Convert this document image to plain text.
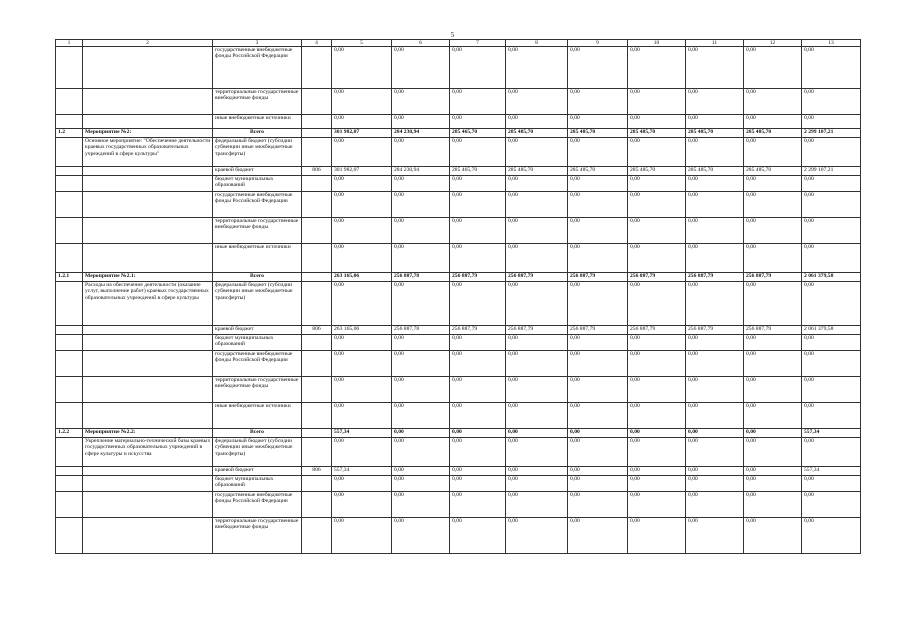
5
1	2	3	4	5	6	7	8	9	10	11	12	13
		государственные внебюджетные фонды Российской Федерации		0,00	0,00	0,00	0,00	0,00	0,00	0,00	0,00	0,00
		территориальные государственные внебюджетные фонды		0,00	0,00	0,00	0,00	0,00	0,00	0,00	0,00	0,00
		иные внебюджетные источники		0,00	0,00	0,00	0,00	0,00	0,00	0,00	0,00	0,00
1.2	Мероприятие №2:	Всего		301 982,07	284 230,94	285 465,70	285 485,70	285 485,70	285 485,70	285 485,70	285 485,70	2 299 107,21
	Основное мероприятие: "Обеспечение деятельности краевых государственных образовательных учреждений в сфере культуры"	федеральный бюджет (субсидии субвенции иные межбюджетные трансферты)		0,00	0,00	0,00	0,00	0,00	0,00	0,00	0,00	0,00
		краевой бюджет	806	301 982,07	284 230,94	285 465,70	285 485,70	285 485,70	285 485,70	285 485,70	285 485,70	2 299 107,21
		бюджет муниципальных образований		0,00	0,00	0,00	0,00	0,00	0,00	0,00	0,00	0,00
		государственные внебюджетные фонды Российской Федерации		0,00	0,00	0,00	0,00	0,00	0,00	0,00	0,00	0,00
		территориальные государственные внебюджетные фонды		0,00	0,00	0,00	0,00	0,00	0,00	0,00	0,00	0,00
		иные внебюджетные источники		0,00	0,00	0,00	0,00	0,00	0,00	0,00	0,00	0,00
1.2.1	Мероприятие №2.1:	Всего		263 165,06	256 887,78	256 887,79	256 887,79	256 887,79	256 887,79	256 887,79	256 887,79	2 061 379,58
	Расходы на обеспечение деятельности (оказание услуг, выполнение работ) краевых государственных образовательных учреждений в сфере культуры	федеральный бюджет (субсидии субвенции иные межбюджетные трансферты)		0,00	0,00	0,00	0,00	0,00	0,00	0,00	0,00	0,00
		краевой бюджет	806	263 165,06	256 887,78	256 887,79	256 887,79	256 887,79	256 887,79	256 887,79	256 887,79	2 061 379,58
		бюджет муниципальных образований		0,00	0,00	0,00	0,00	0,00	0,00	0,00	0,00	0,00
		государственные внебюджетные фонды Российской Федерации		0,00	0,00	0,00	0,00	0,00	0,00	0,00	0,00	0,00
		территориальные государственные внебюджетные фонды		0,00	0,00	0,00	0,00	0,00	0,00	0,00	0,00	0,00
		иные внебюджетные источники		0,00	0,00	0,00	0,00	0,00	0,00	0,00	0,00	0,00
1.2.2	Мероприятие №2.2:	Всего		557,34	0,00	0,00	0,00	0,00	0,00	0,00	0,00	557,34
	Укрепление материально-технической базы краевых государственных образовательных учреждений в сфере культуры и искусства	федеральный бюджет (субсидии субвенции иные межбюджетные трансферты)		0,00	0,00	0,00	0,00	0,00	0,00	0,00	0,00	0,00
		краевой бюджет	806	557,34	0,00	0,00	0,00	0,00	0,00	0,00	0,00	557,34
		бюджет муниципальных образований		0,00	0,00	0,00	0,00	0,00	0,00	0,00	0,00	0,00
		государственные внебюджетные фонды Российской Федерации		0,00	0,00	0,00	0,00	0,00	0,00	0,00	0,00	0,00
		территориальные государственные внебюджетные фонды		0,00	0,00	0,00	0,00	0,00	0,00	0,00	0,00	0,00
